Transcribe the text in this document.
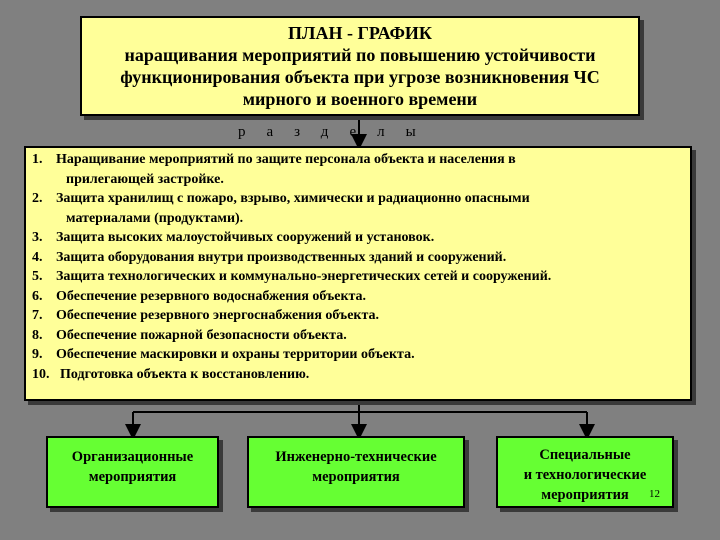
ПЛАН - ГРАФИК
наращивания мероприятий по повышению устойчивости
функционирования объекта при угрозе возникновения ЧС
мирного и военного времени
разделы
1. Наращивание мероприятий по защите персонала объекта и населения в
прилегающей застройке.
2. Защита хранилищ с пожаро, взрыво, химически и радиационно опасными
материалами (продуктами).
3. Защита высоких малоустойчивых сооружений и установок.
4. Защита оборудования внутри производственных зданий и сооружений.
5. Защита технологических и коммунально-энергетических сетей и сооружений.
6. Обеспечение резервного водоснабжения объекта.
7. Обеспечение резервного энергоснабжения объекта.
8. Обеспечение пожарной безопасности объекта.
9. Обеспечение маскировки и охраны территории объекта.
10. Подготовка объекта к восстановлению.
Организационные
мероприятия
Инженерно-технические
мероприятия
Специальные
и технологические
мероприятия	12
